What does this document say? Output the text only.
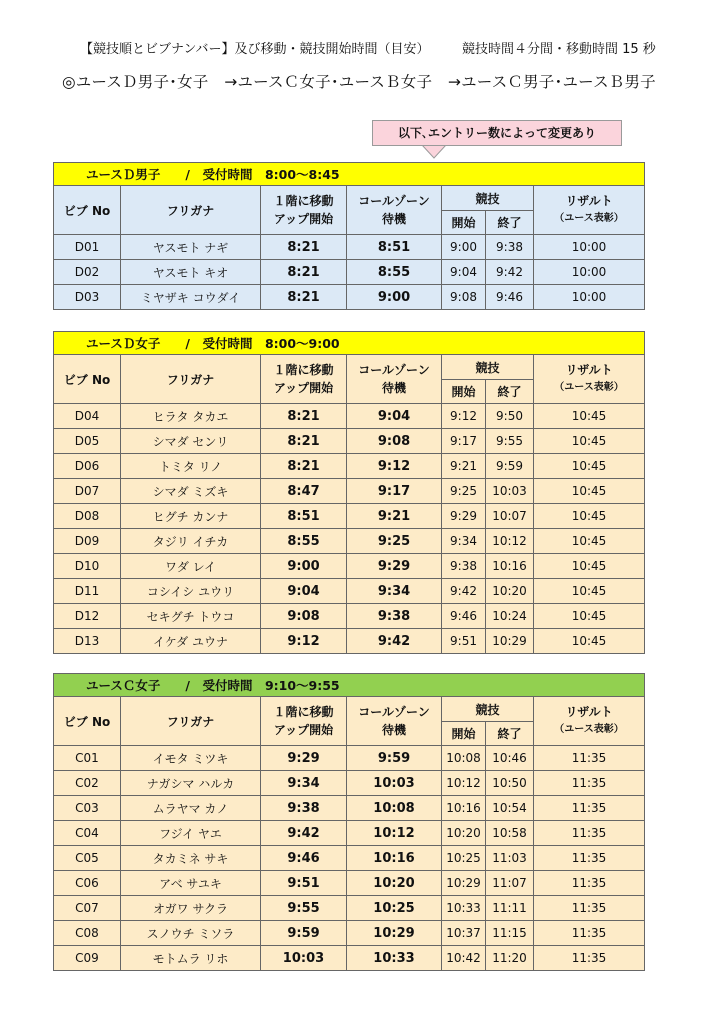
【競技順とビブナンバー】及び移動・競技開始時間（目安）	競技時間４分間・移動時間 15 秒
◎ユースＤ男子･女子　→ユースＣ女子･ユースＢ女子　→ユースＣ男子･ユースＢ男子
以下､エントリー数によって変更あり
ユースＤ男子　　/　受付時間　8:00～8:45						
ビブ No	フリガナ	１階に移動
アップ開始	コールゾーン
待機	競技		リザルト
（ユース表彰）

				開始	終了	
D01	ヤスモト ナギ	8:21	8:51	9:00	9:38	10:00
D02	ヤスモト キオ	8:21	8:55	9:04	9:42	10:00
D03	ミヤザキ コウダイ	8:21	9:00	9:08	9:46	10:00
ユースＤ女子　　/　受付時間　8:00～9:00						
ビブ No	フリガナ	１階に移動
アップ開始	コールゾーン
待機	競技		リザルト
（ユース表彰）

				開始	終了	
D04	ヒラタ タカエ	8:21	9:04	9:12	9:50	10:45
D05	シマダ センリ	8:21	9:08	9:17	9:55	10:45
D06	トミタ リノ	8:21	9:12	9:21	9:59	10:45
D07	シマダ ミズキ	8:47	9:17	9:25	10:03	10:45
D08	ヒグチ カンナ	8:51	9:21	9:29	10:07	10:45
D09	タジリ イチカ	8:55	9:25	9:34	10:12	10:45
D10	ワダ レイ	9:00	9:29	9:38	10:16	10:45
D11	コシイシ ユウリ	9:04	9:34	9:42	10:20	10:45
D12	セキグチ トウコ	9:08	9:38	9:46	10:24	10:45
D13	イケダ ユウナ	9:12	9:42	9:51	10:29	10:45
ユースＣ女子　　/　受付時間　9:10～9:55						
ビブ No	フリガナ	１階に移動
アップ開始	コールゾーン
待機	競技		リザルト
（ユース表彰）

				開始	終了	
C01	イモタ ミツキ	9:29	9:59	10:08	10:46	11:35
C02	ナガシマ ハルカ	9:34	10:03	10:12	10:50	11:35
C03	ムラヤマ カノ	9:38	10:08	10:16	10:54	11:35
C04	フジイ ヤエ	9:42	10:12	10:20	10:58	11:35
C05	タカミネ サキ	9:46	10:16	10:25	11:03	11:35
C06	アベ サユキ	9:51	10:20	10:29	11:07	11:35
C07	オガワ サクラ	9:55	10:25	10:33	11:11	11:35
C08	スノウチ ミソラ	9:59	10:29	10:37	11:15	11:35
C09	モトムラ リホ	10:03	10:33	10:42	11:20	11:35
